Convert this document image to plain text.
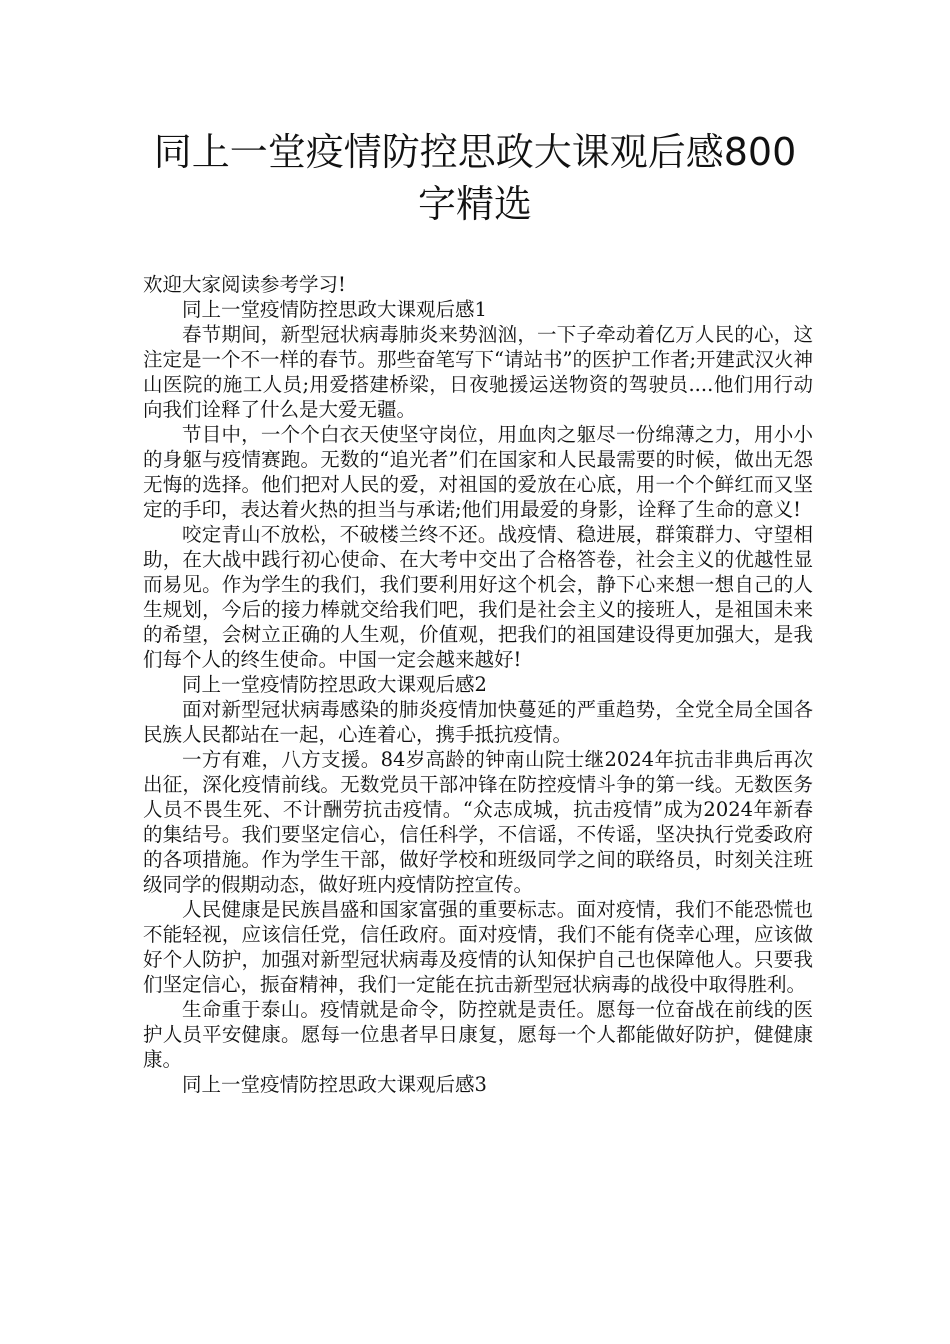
同上一堂疫情防控思政大课观后感800
字精选

欢迎大家阅读参考学习!

同上一堂疫情防控思政大课观后感1

春节期间，新型冠状病毒肺炎来势汹汹，一下子牵动着亿万人民的心，这注定是一个不一样的春节。那些奋笔写下“请站书”的医护工作者;开建武汉火神山医院的施工人员;用爱搭建桥梁，日夜驰援运送物资的驾驶员....他们用行动向我们诠释了什么是大爱无疆。

节目中，一个个白衣天使坚守岗位，用血肉之躯尽一份绵薄之力，用小小的身躯与疫情赛跑。无数的“追光者”们在国家和人民最需要的时候，做出无怨无悔的选择。他们把对人民的爱，对祖国的爱放在心底，用一个个鲜红而又坚定的手印，表达着火热的担当与承诺;他们用最爱的身影，诠释了生命的意义!

咬定青山不放松，不破楼兰终不还。战疫情、稳进展，群策群力、守望相助，在大战中践行初心使命、在大考中交出了合格答卷，社会主义的优越性显而易见。作为学生的我们，我们要利用好这个机会，静下心来想一想自己的人生规划，今后的接力棒就交给我们吧，我们是社会主义的接班人，是祖国未来的希望，会树立正确的人生观，价值观，把我们的祖国建设得更加强大，是我们每个人的终生使命。中国一定会越来越好!

同上一堂疫情防控思政大课观后感2

面对新型冠状病毒感染的肺炎疫情加快蔓延的严重趋势，全党全局全国各民族人民都站在一起，心连着心，携手抵抗疫情。

一方有难，八方支援。84岁高龄的钟南山院士继2024年抗击非典后再次出征，深化疫情前线。无数党员干部冲锋在防控疫情斗争的第一线。无数医务人员不畏生死、不计酬劳抗击疫情。“众志成城，抗击疫情”成为2024年新春的集结号。我们要坚定信心，信任科学，不信谣，不传谣，坚决执行党委政府的各项措施。作为学生干部，做好学校和班级同学之间的联络员，时刻关注班级同学的假期动态，做好班内疫情防控宣传。

人民健康是民族昌盛和国家富强的重要标志。面对疫情，我们不能恐慌也不能轻视，应该信任党，信任政府。面对疫情，我们不能有侥幸心理，应该做好个人防护，加强对新型冠状病毒及疫情的认知保护自己也保障他人。只要我们坚定信心，振奋精神，我们一定能在抗击新型冠状病毒的战役中取得胜利。

生命重于泰山。疫情就是命令，防控就是责任。愿每一位奋战在前线的医护人员平安健康。愿每一位患者早日康复，愿每一个人都能做好防护，健健康康。

同上一堂疫情防控思政大课观后感3
